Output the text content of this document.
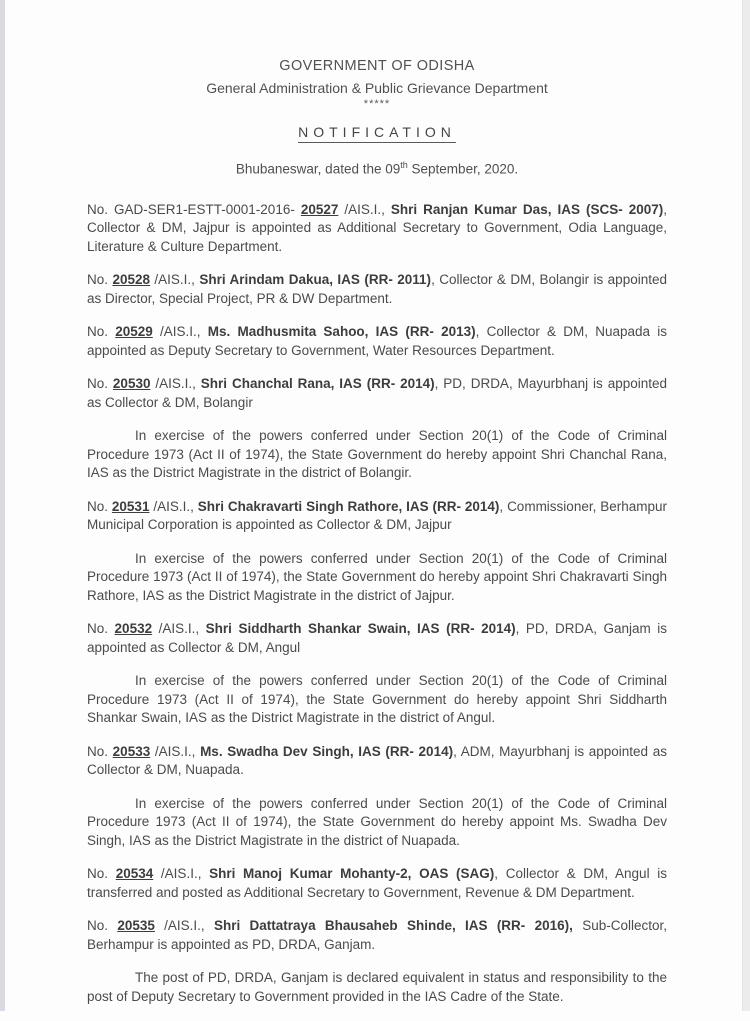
GOVERNMENT OF ODISHA
General Administration & Public Grievance Department
*****
NOTIFICATION
Bhubaneswar, dated the 09th September, 2020.

No. GAD-SER1-ESTT-0001-2016- 20527 /AIS.I., Shri Ranjan Kumar Das, IAS (SCS- 2007), Collector & DM, Jajpur is appointed as Additional Secretary to Government, Odia Language, Literature & Culture Department.

No. 20528 /AIS.I., Shri Arindam Dakua, IAS (RR- 2011), Collector & DM, Bolangir is appointed as Director, Special Project, PR & DW Department.

No. 20529 /AIS.I., Ms. Madhusmita Sahoo, IAS (RR- 2013), Collector & DM, Nuapada is appointed as Deputy Secretary to Government, Water Resources Department.

No. 20530 /AIS.I., Shri Chanchal Rana, IAS (RR- 2014), PD, DRDA, Mayurbhanj is appointed as Collector & DM, Bolangir

In exercise of the powers conferred under Section 20(1) of the Code of Criminal Procedure 1973 (Act II of 1974), the State Government do hereby appoint Shri Chanchal Rana, IAS as the District Magistrate in the district of Bolangir.

No. 20531 /AIS.I., Shri Chakravarti Singh Rathore, IAS (RR- 2014), Commissioner, Berhampur Municipal Corporation is appointed as Collector & DM, Jajpur

In exercise of the powers conferred under Section 20(1) of the Code of Criminal Procedure 1973 (Act II of 1974), the State Government do hereby appoint Shri Chakravarti Singh Rathore, IAS as the District Magistrate in the district of Jajpur.

No. 20532 /AIS.I., Shri Siddharth Shankar Swain, IAS (RR- 2014), PD, DRDA, Ganjam is appointed as Collector & DM, Angul

In exercise of the powers conferred under Section 20(1) of the Code of Criminal Procedure 1973 (Act II of 1974), the State Government do hereby appoint Shri Siddharth Shankar Swain, IAS as the District Magistrate in the district of Angul.

No. 20533 /AIS.I., Ms. Swadha Dev Singh, IAS (RR- 2014), ADM, Mayurbhanj is appointed as Collector & DM, Nuapada.

In exercise of the powers conferred under Section 20(1) of the Code of Criminal Procedure 1973 (Act II of 1974), the State Government do hereby appoint Ms. Swadha Dev Singh, IAS as the District Magistrate in the district of Nuapada.

No. 20534 /AIS.I., Shri Manoj Kumar Mohanty-2, OAS (SAG), Collector & DM, Angul is transferred and posted as Additional Secretary to Government, Revenue & DM Department.

No. 20535 /AIS.I., Shri Dattatraya Bhausaheb Shinde, IAS (RR- 2016), Sub-Collector, Berhampur is appointed as PD, DRDA, Ganjam.

The post of PD, DRDA, Ganjam is declared equivalent in status and responsibility to the post of Deputy Secretary to Government provided in the IAS Cadre of the State.
